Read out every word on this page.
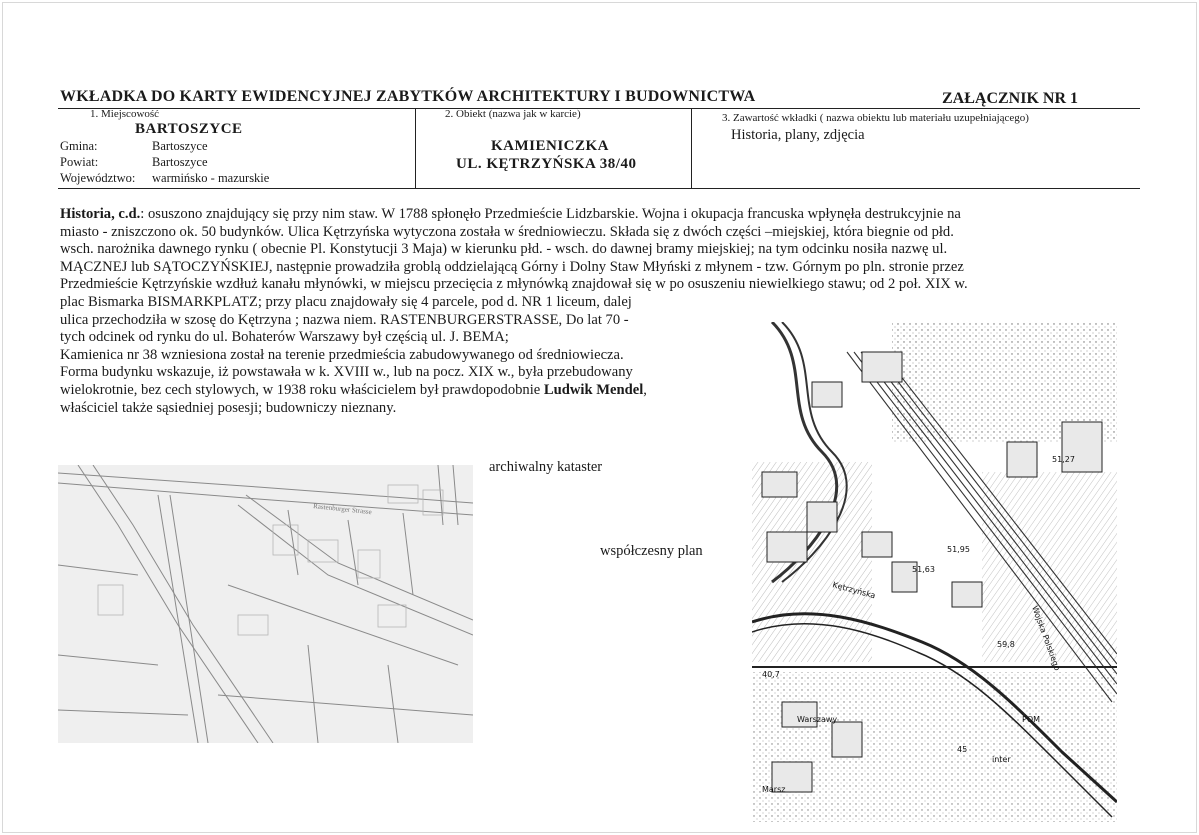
WKŁADKA DO KARTY EWIDENCYJNEJ ZABYTKÓW ARCHITEKTURY I BUDOWNICTWA	ZAŁĄCZNIK NR 1
1. Miejscowość
BARTOSZYCE
Gmina:	Bartoszyce
Powiat:	Bartoszyce
Województwo: warmińsko - mazurskie
2. Obiekt (nazwa jak w karcie)
KAMIENICZKA
UL. KĘTRZYŃSKA 38/40
3. Zawartość wkładki ( nazwa obiektu lub materiału uzupełniającego)
Historia, plany, zdjęcia

Historia, c.d.: osuszono znajdujący się przy nim staw. W 1788 spłonęło Przedmieście Lidzbarskie. Wojna i okupacja francuska wpłynęła destrukcyjnie na

miasto - zniszczono ok. 50 budynków. Ulica Kętrzyńska wytyczona została w średniowieczu. Składa się z dwóch części –miejskiej, która biegnie od płd.

wsch. narożnika dawnego rynku ( obecnie Pl. Konstytucji 3 Maja) w kierunku płd. - wsch. do dawnej bramy miejskiej; na tym odcinku nosiła nazwę ul.

MĄCZNEJ lub SĄTOCZYŃSKIEJ, następnie prowadziła groblą oddzielającą Górny i Dolny Staw Młyński z młynem - tzw. Górnym po pln. stronie przez

Przedmieście Kętrzyńskie wzdłuż kanału młynówki, w miejscu przecięcia z młynówką znajdował się w po osuszeniu niewielkiego stawu; od 2 poł. XIX w.

plac Bismarka BISMARKPLATZ; przy placu znajdowały się 4 parcele, pod d. NR 1 liceum, dalej

ulica przechodziła w szosę do Kętrzyna ; nazwa niem. RASTENBURGERSTRASSE, Do lat 70 -

tych odcinek od rynku do ul. Bohaterów Warszawy był częścią ul. J. BEMA;

Kamienica nr 38 wzniesiona został na terenie przedmieścia zabudowywanego od średniowiecza.

Forma budynku wskazuje, iż powstawała w k. XVIII w., lub na pocz. XIX w., była przebudowany

wielokrotnie, bez cech stylowych, w 1938 roku właścicielem był prawdopodobnie Ludwik Mendel,

właściciel także sąsiedniej posesji; budowniczy nieznany.

Rastenburger Strasse
archiwalny kataster
współczesny plan	51,95
51,63
51,27
59,8
40,7
Kętrzyńska
Wojska Polskiego
Warszawy	POM
45
inter
Marsz
